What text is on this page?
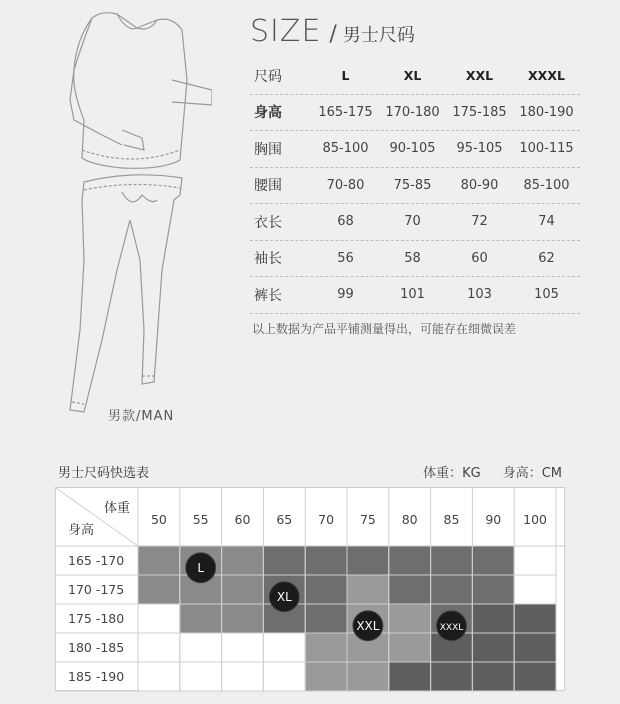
男款/MAN
SIZE / 男士尺码
尺码	L	XL	XXL	XXXL
身高	165-175 170-180 175-185 180-190
胸围	85-100	90-105	95-105	100-115
腰围	70-80	75-85	80-90	85-100
衣长	68	70	72	74
袖长	56	58	60	62
裤长	99	101	103	105
以上数据为产品平铺测量得出，可能存在细微误差
男士尺码快选表	体重：KG 身高：CM
体重
身高
50 55 60 65 70 75 80 85 90 100
165 -170
170 -175
175 -180
180 -185
185 -190
L
XL
XXL	XXXL
